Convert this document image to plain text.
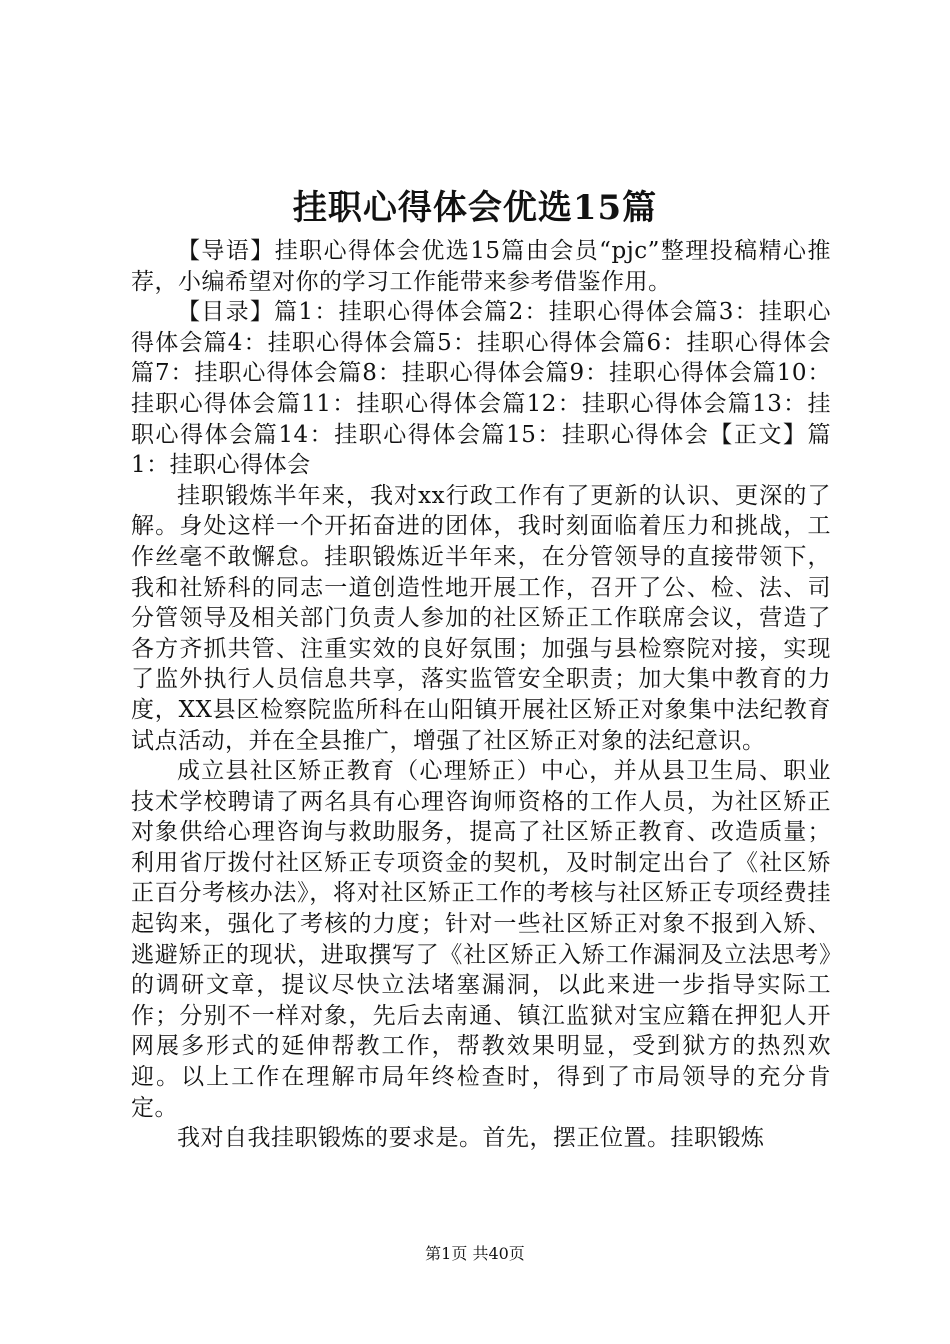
挂职心得体会优选15篇

【导语】挂职心得体会优选15篇由会员“pjc”整理投稿精心推荐，小编希望对你的学习工作能带来参考借鉴作用。

【目录】篇1：挂职心得体会篇2：挂职心得体会篇3：挂职心得体会篇4：挂职心得体会篇5：挂职心得体会篇6：挂职心得体会篇7：挂职心得体会篇8：挂职心得体会篇9：挂职心得体会篇10：挂职心得体会篇11：挂职心得体会篇12：挂职心得体会篇13：挂职心得体会篇14：挂职心得体会篇15：挂职心得体会【正文】篇1：挂职心得体会

挂职锻炼半年来，我对xx行政工作有了更新的认识、更深的了解。身处这样一个开拓奋进的团体，我时刻面临着压力和挑战，工作丝毫不敢懈怠。挂职锻炼近半年来，在分管领导的直接带领下，我和社矫科的同志一道创造性地开展工作，召开了公、检、法、司分管领导及相关部门负责人参加的社区矫正工作联席会议，营造了各方齐抓共管、注重实效的良好氛围；加强与县检察院对接，实现了监外执行人员信息共享，落实监管安全职责；加大集中教育的力度，XX县区检察院监所科在山阳镇开展社区矫正对象集中法纪教育试点活动，并在全县推广，增强了社区矫正对象的法纪意识。

成立县社区矫正教育（心理矫正）中心，并从县卫生局、职业技术学校聘请了两名具有心理咨询师资格的工作人员，为社区矫正对象供给心理咨询与救助服务，提高了社区矫正教育、改造质量；利用省厅拨付社区矫正专项资金的契机，及时制定出台了《社区矫正百分考核办法》，将对社区矫正工作的考核与社区矫正专项经费挂起钩来，强化了考核的力度；针对一些社区矫正对象不报到入矫、逃避矫正的现状，进取撰写了《社区矫正入矫工作漏洞及立法思考》的调研文章，提议尽快立法堵塞漏洞，以此来进一步指导实际工作；分别不一样对象，先后去南通、镇江监狱对宝应籍在押犯人开网展多形式的延伸帮教工作，帮教效果明显，受到狱方的热烈欢迎。以上工作在理解市局年终检查时，得到了市局领导的充分肯定。

我对自我挂职锻炼的要求是。首先，摆正位置。挂职锻炼

第1页 共40页
